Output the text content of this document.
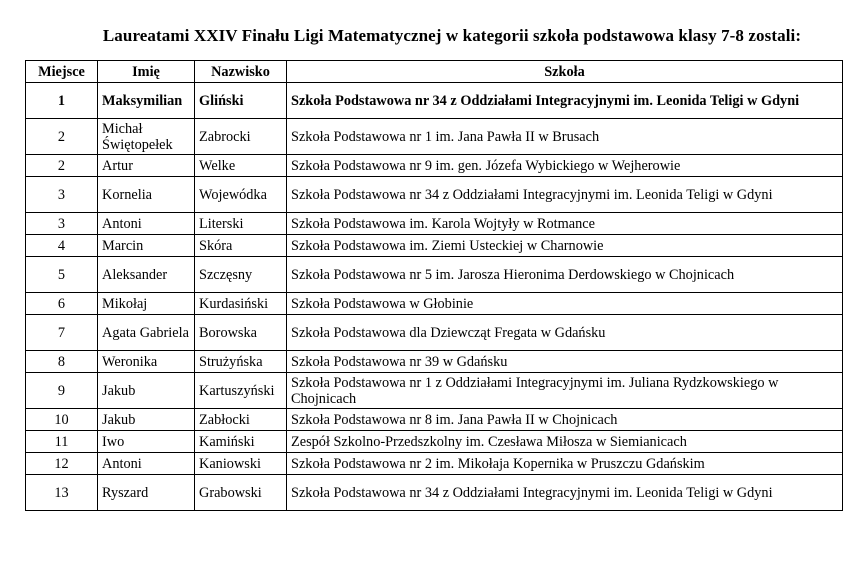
Laureatami XXIV Finału Ligi Matematycznej w kategorii szkoła podstawowa klasy 7-8 zostali:
Miejsce	Imię	Nazwisko	Szkoła
1	Maksymilian	Gliński	Szkoła Podstawowa nr 34 z Oddziałami Integracyjnymi im. Leonida Teligi w Gdyni
2	Michał Świętopełek	Zabrocki	Szkoła Podstawowa nr 1 im. Jana Pawła II w Brusach
2	Artur	Welke	Szkoła Podstawowa nr 9 im. gen. Józefa Wybickiego w Wejherowie
3	Kornelia	Wojewódka	Szkoła Podstawowa nr 34 z Oddziałami Integracyjnymi im. Leonida Teligi w Gdyni
3	Antoni	Literski	Szkoła Podstawowa im. Karola Wojtyły w Rotmance
4	Marcin	Skóra	Szkoła Podstawowa im. Ziemi Usteckiej w Charnowie
5	Aleksander	Szczęsny	Szkoła Podstawowa nr 5 im. Jarosza Hieronima Derdowskiego w Chojnicach
6	Mikołaj	Kurdasiński	Szkoła Podstawowa w Głobinie
7	Agata Gabriela	Borowska	Szkoła Podstawowa dla Dziewcząt Fregata w Gdańsku
8	Weronika	Strużyńska	Szkoła Podstawowa nr 39 w Gdańsku
9	Jakub	Kartuszyński	Szkoła Podstawowa nr 1 z Oddziałami Integracyjnymi im. Juliana Rydzkowskiego w Chojnicach
10	Jakub	Zabłocki	Szkoła Podstawowa nr 8 im. Jana Pawła II w Chojnicach
11	Iwo	Kamiński	Zespół Szkolno-Przedszkolny im. Czesława Miłosza w Siemianicach
12	Antoni	Kaniowski	Szkoła Podstawowa nr 2 im. Mikołaja Kopernika w Pruszczu Gdańskim
13	Ryszard	Grabowski	Szkoła Podstawowa nr 34 z Oddziałami Integracyjnymi im. Leonida Teligi w Gdyni
